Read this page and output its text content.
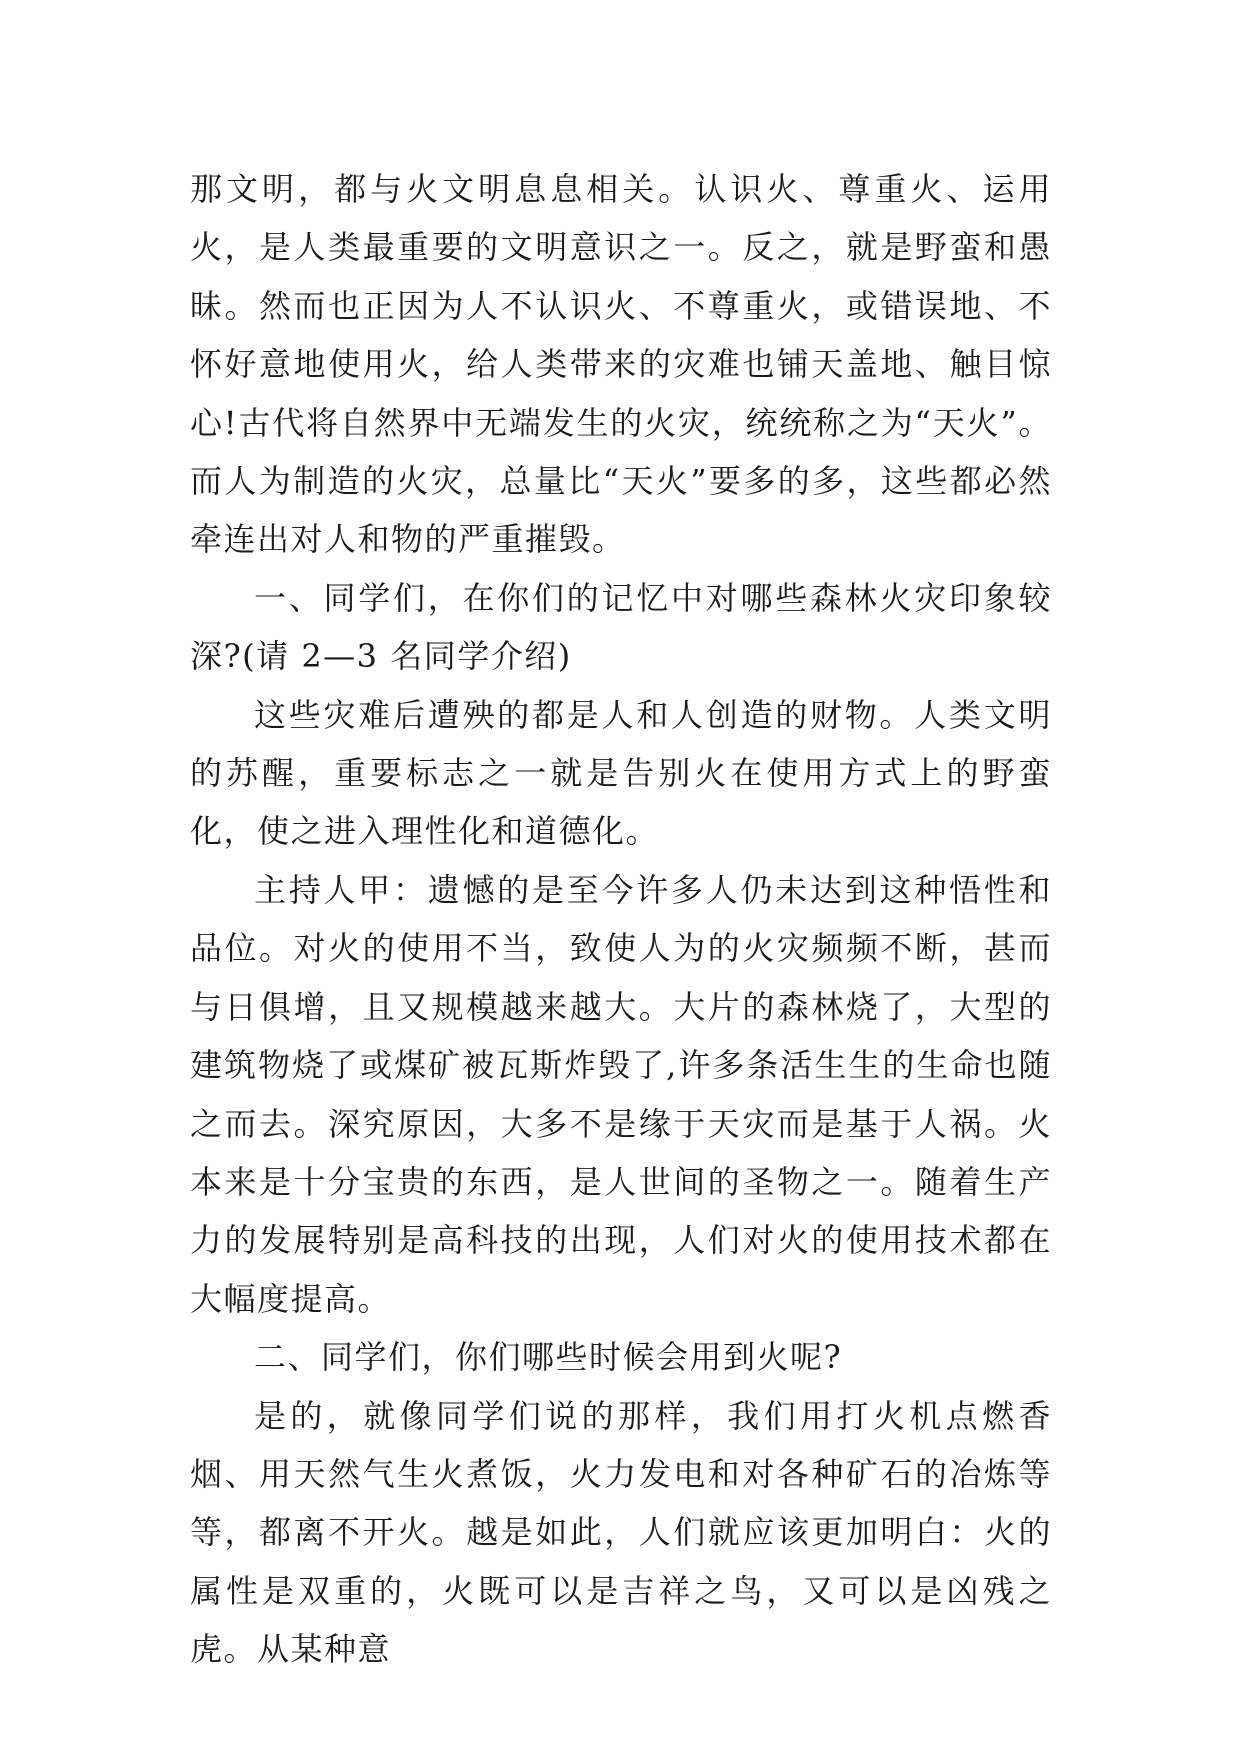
那文明，都与火文明息息相关。认识火、尊重火、运用火，是人类最重要的文明意识之一。反之，就是野蛮和愚昧。然而也正因为人不认识火、不尊重火，或错误地、不怀好意地使用火，给人类带来的灾难也铺天盖地、触目惊心!古代将自然界中无端发生的火灾，统统称之为“天火”。而人为制造的火灾，总量比“天火”要多的多，这些都必然牵连出对人和物的严重摧毁。

一、同学们，在你们的记忆中对哪些森林火灾印象较深?(请 2—3 名同学介绍)

这些灾难后遭殃的都是人和人创造的财物。人类文明的苏醒，重要标志之一就是告别火在使用方式上的野蛮化，使之进入理性化和道德化。

主持人甲：遗憾的是至今许多人仍未达到这种悟性和品位。对火的使用不当，致使人为的火灾频频不断，甚而与日俱增，且又规模越来越大。大片的森林烧了，大型的建筑物烧了或煤矿被瓦斯炸毁了,许多条活生生的生命也随之而去。深究原因，大多不是缘于天灾而是基于人祸。火本来是十分宝贵的东西，是人世间的圣物之一。随着生产力的发展特别是高科技的出现，人们对火的使用技术都在大幅度提高。

二、同学们，你们哪些时候会用到火呢?

是的，就像同学们说的那样，我们用打火机点燃香烟、用天然气生火煮饭，火力发电和对各种矿石的冶炼等等，都离不开火。越是如此，人们就应该更加明白：火的属性是双重的，火既可以是吉祥之鸟，又可以是凶残之虎。从某种意
